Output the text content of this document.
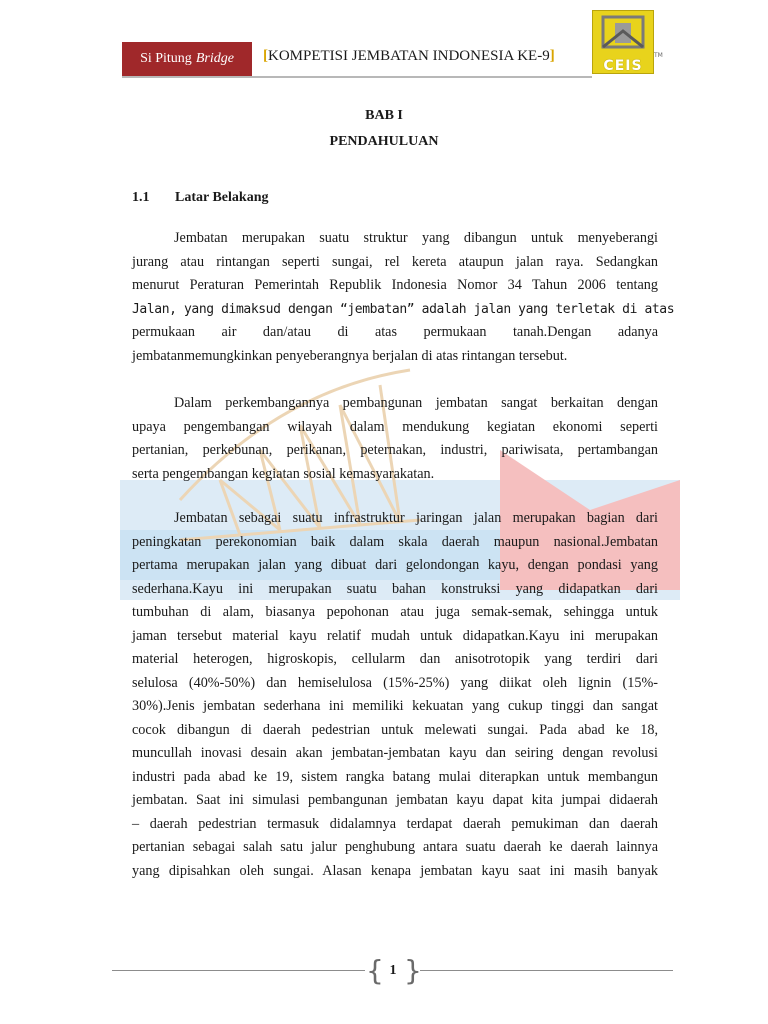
Si Pitung Bridge [KOMPETISI JEMBATAN INDONESIA KE-9]
CEIS
TM
BAB I
PENDAHULUAN
1.1 Latar Belakang
Jembatan merupakan suatu struktur yang dibangun untuk menyeberangi
jurang atau rintangan seperti sungai, rel kereta ataupun jalan raya. Sedangkan
menurut Peraturan Pemerintah Republik Indonesia Nomor 34 Tahun 2006 tentang
Jalan, yang dimaksud dengan “jembatan” adalah jalan yang terletak di atas
permukaan air dan/atau di atas permukaan tanah.Dengan adanya
jembatanmemungkinkan penyeberangnya berjalan di atas rintangan tersebut.
Dalam perkembangannya pembangunan jembatan sangat berkaitan dengan
upaya pengembangan wilayah dalam mendukung kegiatan ekonomi seperti
pertanian, perkebunan, perikanan, peternakan, industri, pariwisata, pertambangan
serta pengembangan kegiatan sosial kemasyarakatan.
Jembatan sebagai suatu infrastruktur jaringan jalan merupakan bagian dari
peningkatan perekonomian baik dalam skala daerah maupun nasional.Jembatan
pertama merupakan jalan yang dibuat dari gelondongan kayu, dengan pondasi yang
sederhana.Kayu ini merupakan suatu bahan konstruksi yang didapatkan dari
tumbuhan di alam, biasanya pepohonan atau juga semak-semak, sehingga untuk
jaman tersebut material kayu relatif mudah untuk didapatkan.Kayu ini merupakan
material heterogen, higroskopis, cellularm dan anisotrotopik yang terdiri dari
selulosa (40%-50%) dan hemiselulosa (15%-25%) yang diikat oleh lignin (15%-
30%).Jenis jembatan sederhana ini memiliki kekuatan yang cukup tinggi dan sangat
cocok dibangun di daerah pedestrian untuk melewati sungai. Pada abad ke 18,
muncullah inovasi desain akan jembatan-jembatan kayu dan seiring dengan revolusi
industri pada abad ke 19, sistem rangka batang mulai diterapkan untuk membangun
jembatan. Saat ini simulasi pembangunan jembatan kayu dapat kita jumpai didaerah
– daerah pedestrian termasuk didalamnya terdapat daerah pemukiman dan daerah
pertanian sebagai salah satu jalur penghubung antara suatu daerah ke daerah lainnya
yang dipisahkan oleh sungai. Alasan kenapa jembatan kayu saat ini masih banyak
{ 1 }
